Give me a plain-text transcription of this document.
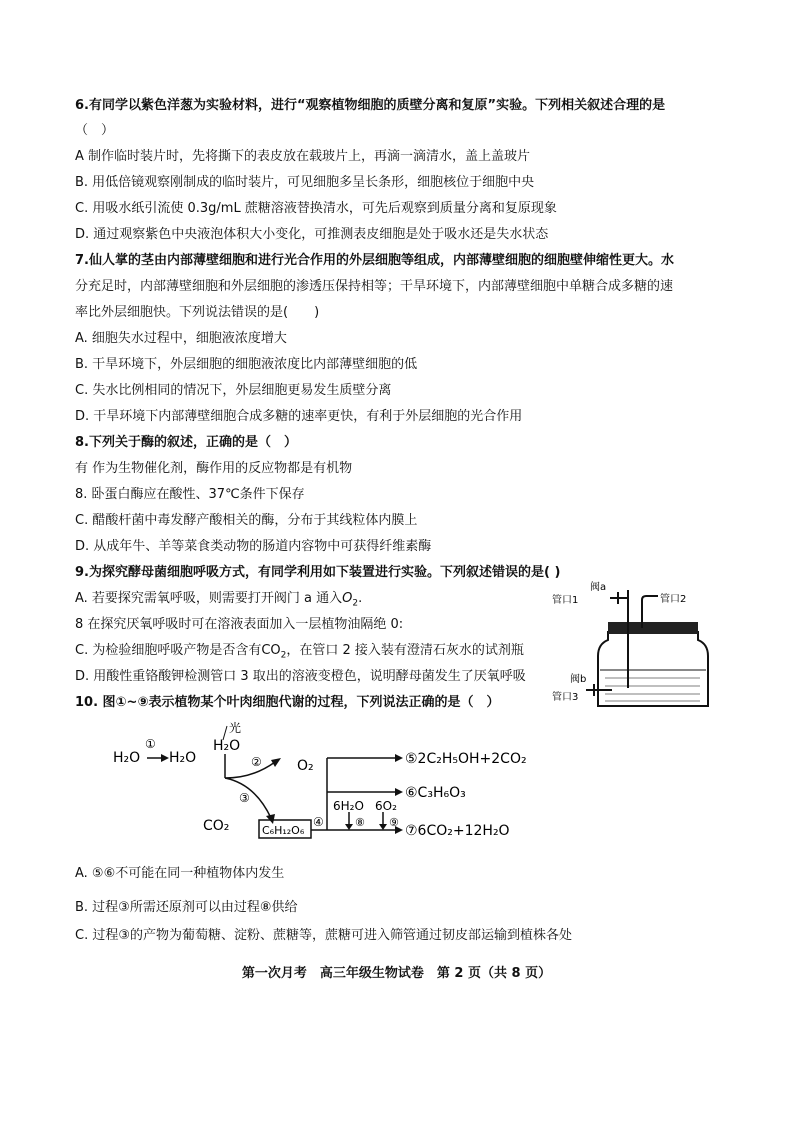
6.有同学以紫色洋葱为实验材料，进行“观察植物细胞的质壁分离和复原”实验。下列相关叙述合理的是
（　）
A 制作临时装片时，先将撕下的表皮放在载玻片上，再滴一滴清水，盖上盖玻片
B. 用低倍镜观察刚制成的临时装片，可见细胞多呈长条形，细胞核位于细胞中央
C. 用吸水纸引流使 0.3g/mL 蔗糖溶液替换清水，可先后观察到质量分离和复原现象
D. 通过观察紫色中央液泡体积大小变化，可推测表皮细胞是处于吸水还是失水状态
7.仙人掌的茎由内部薄壁细胞和进行光合作用的外层细胞等组成，内部薄壁细胞的细胞壁伸缩性更大。水
分充足时，内部薄壁细胞和外层细胞的渗透压保持相等；干旱环境下，内部薄壁细胞中单糖合成多糖的速
率比外层细胞快。下列说法错误的是(　　)
A. 细胞失水过程中，细胞液浓度增大
B. 干旱环境下，外层细胞的细胞液浓度比内部薄壁细胞的低
C. 失水比例相同的情况下，外层细胞更易发生质壁分离
D. 干旱环境下内部薄壁细胞合成多糖的速率更快，有利于外层细胞的光合作用
8.下列关于酶的叙述，正确的是（　）
有 作为生物催化剂，酶作用的反应物都是有机物
8. 卧蛋白酶应在酸性、37℃条件下保存
C. 醋酸杆菌中毒发酵产酸相关的酶，分布于其线粒体内膜上
D. 从成年牛、羊等菜食类动物的肠道内容物中可获得纤维素酶
9.为探究酵母菌细胞呼吸方式，有同学利用如下装置进行实验。下列叙述错误的是( )
A. 若要探究需氧呼吸，则需要打开阀门 a 通入$O_2$.
8 在探究厌氧呼吸时可在溶液表面加入一层植物油隔绝 0:
C. 为检验细胞呼吸产物是否含有$CO_2$，在管口 2 接入装有澄清石灰水的试剂瓶
D. 用酸性重铬酸钾检测管口 3 取出的溶液变橙色，说明酵母菌发生了厌氧呼吸
阀a
管口1	管口2
阀b
管口3
10. 图①~⑨表示植物某个叶肉细胞代谢的过程，下列说法正确的是（　）
H₂O H₂O
①
光
H₂O
②	O₂
③
CO₂	C₆H₁₂O₆
④
⑤2C₂H₅OH+2CO₂
⑥C₃H₆O₃
⑦6CO₂+12H₂O
6H₂O
⑧
6O₂
⑨
A. ⑤⑥不可能在同一种植物体内发生
B. 过程③所需还原剂可以由过程⑧供给
C. 过程③的产物为葡萄糖、淀粉、蔗糖等，蔗糖可进入筛管通过韧皮部运输到植株各处
第一次月考　高三年级生物试卷　第 2 页（共 8 页）
